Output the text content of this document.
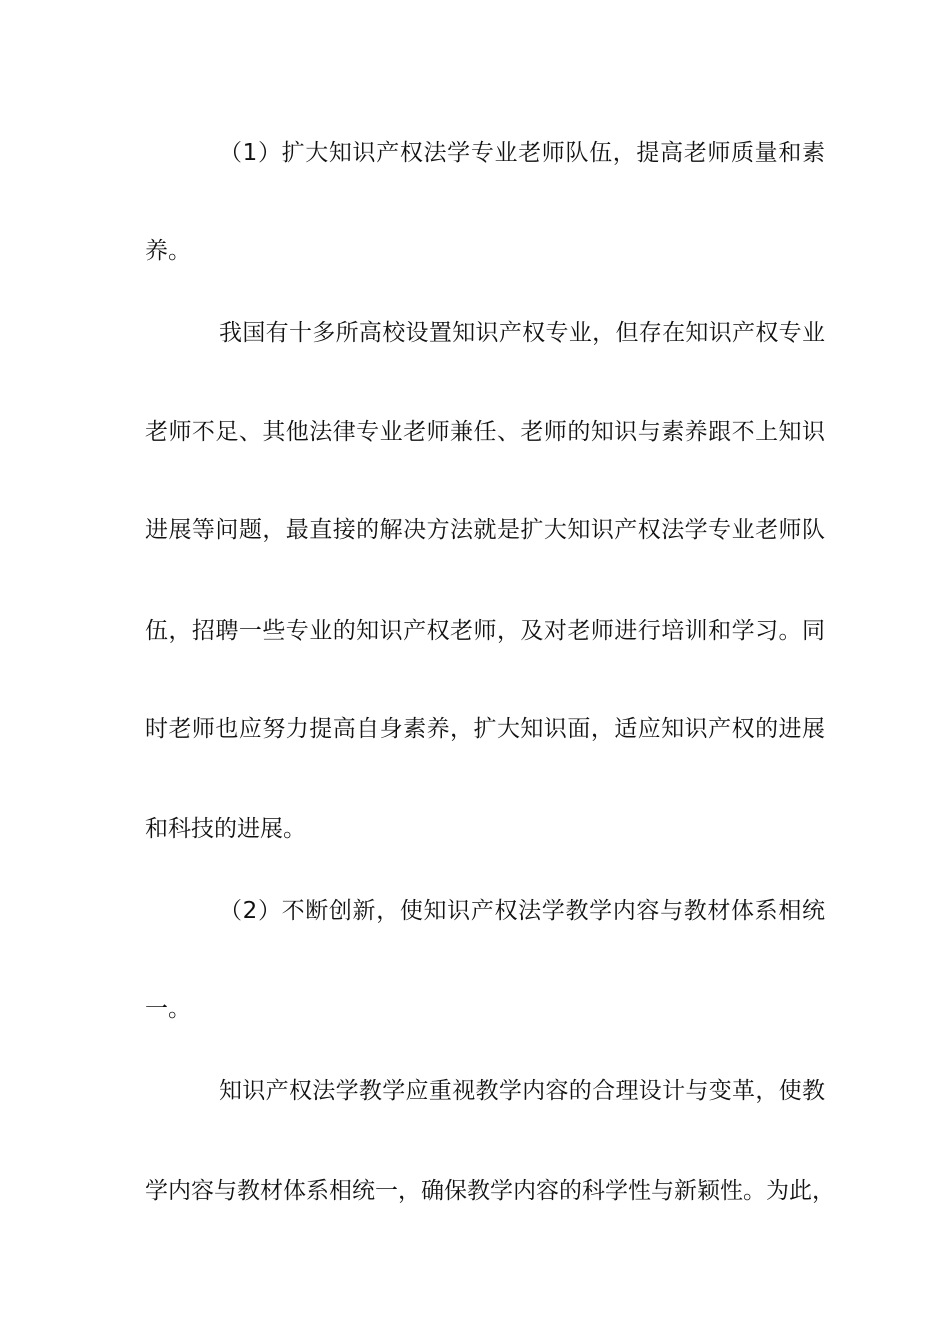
（1）扩大知识产权法学专业老师队伍，提高老师质量和素
养。
我国有十多所高校设置知识产权专业，但存在知识产权专业
老师不足、其他法律专业老师兼任、老师的知识与素养跟不上知识
进展等问题，最直接的解决方法就是扩大知识产权法学专业老师队
伍，招聘一些专业的知识产权老师，及对老师进行培训和学习。同
时老师也应努力提高自身素养，扩大知识面，适应知识产权的进展
和科技的进展。
（2）不断创新，使知识产权法学教学内容与教材体系相统
一。
知识产权法学教学应重视教学内容的合理设计与变革，使教
学内容与教材体系相统一，确保教学内容的科学性与新颖性。为此，
